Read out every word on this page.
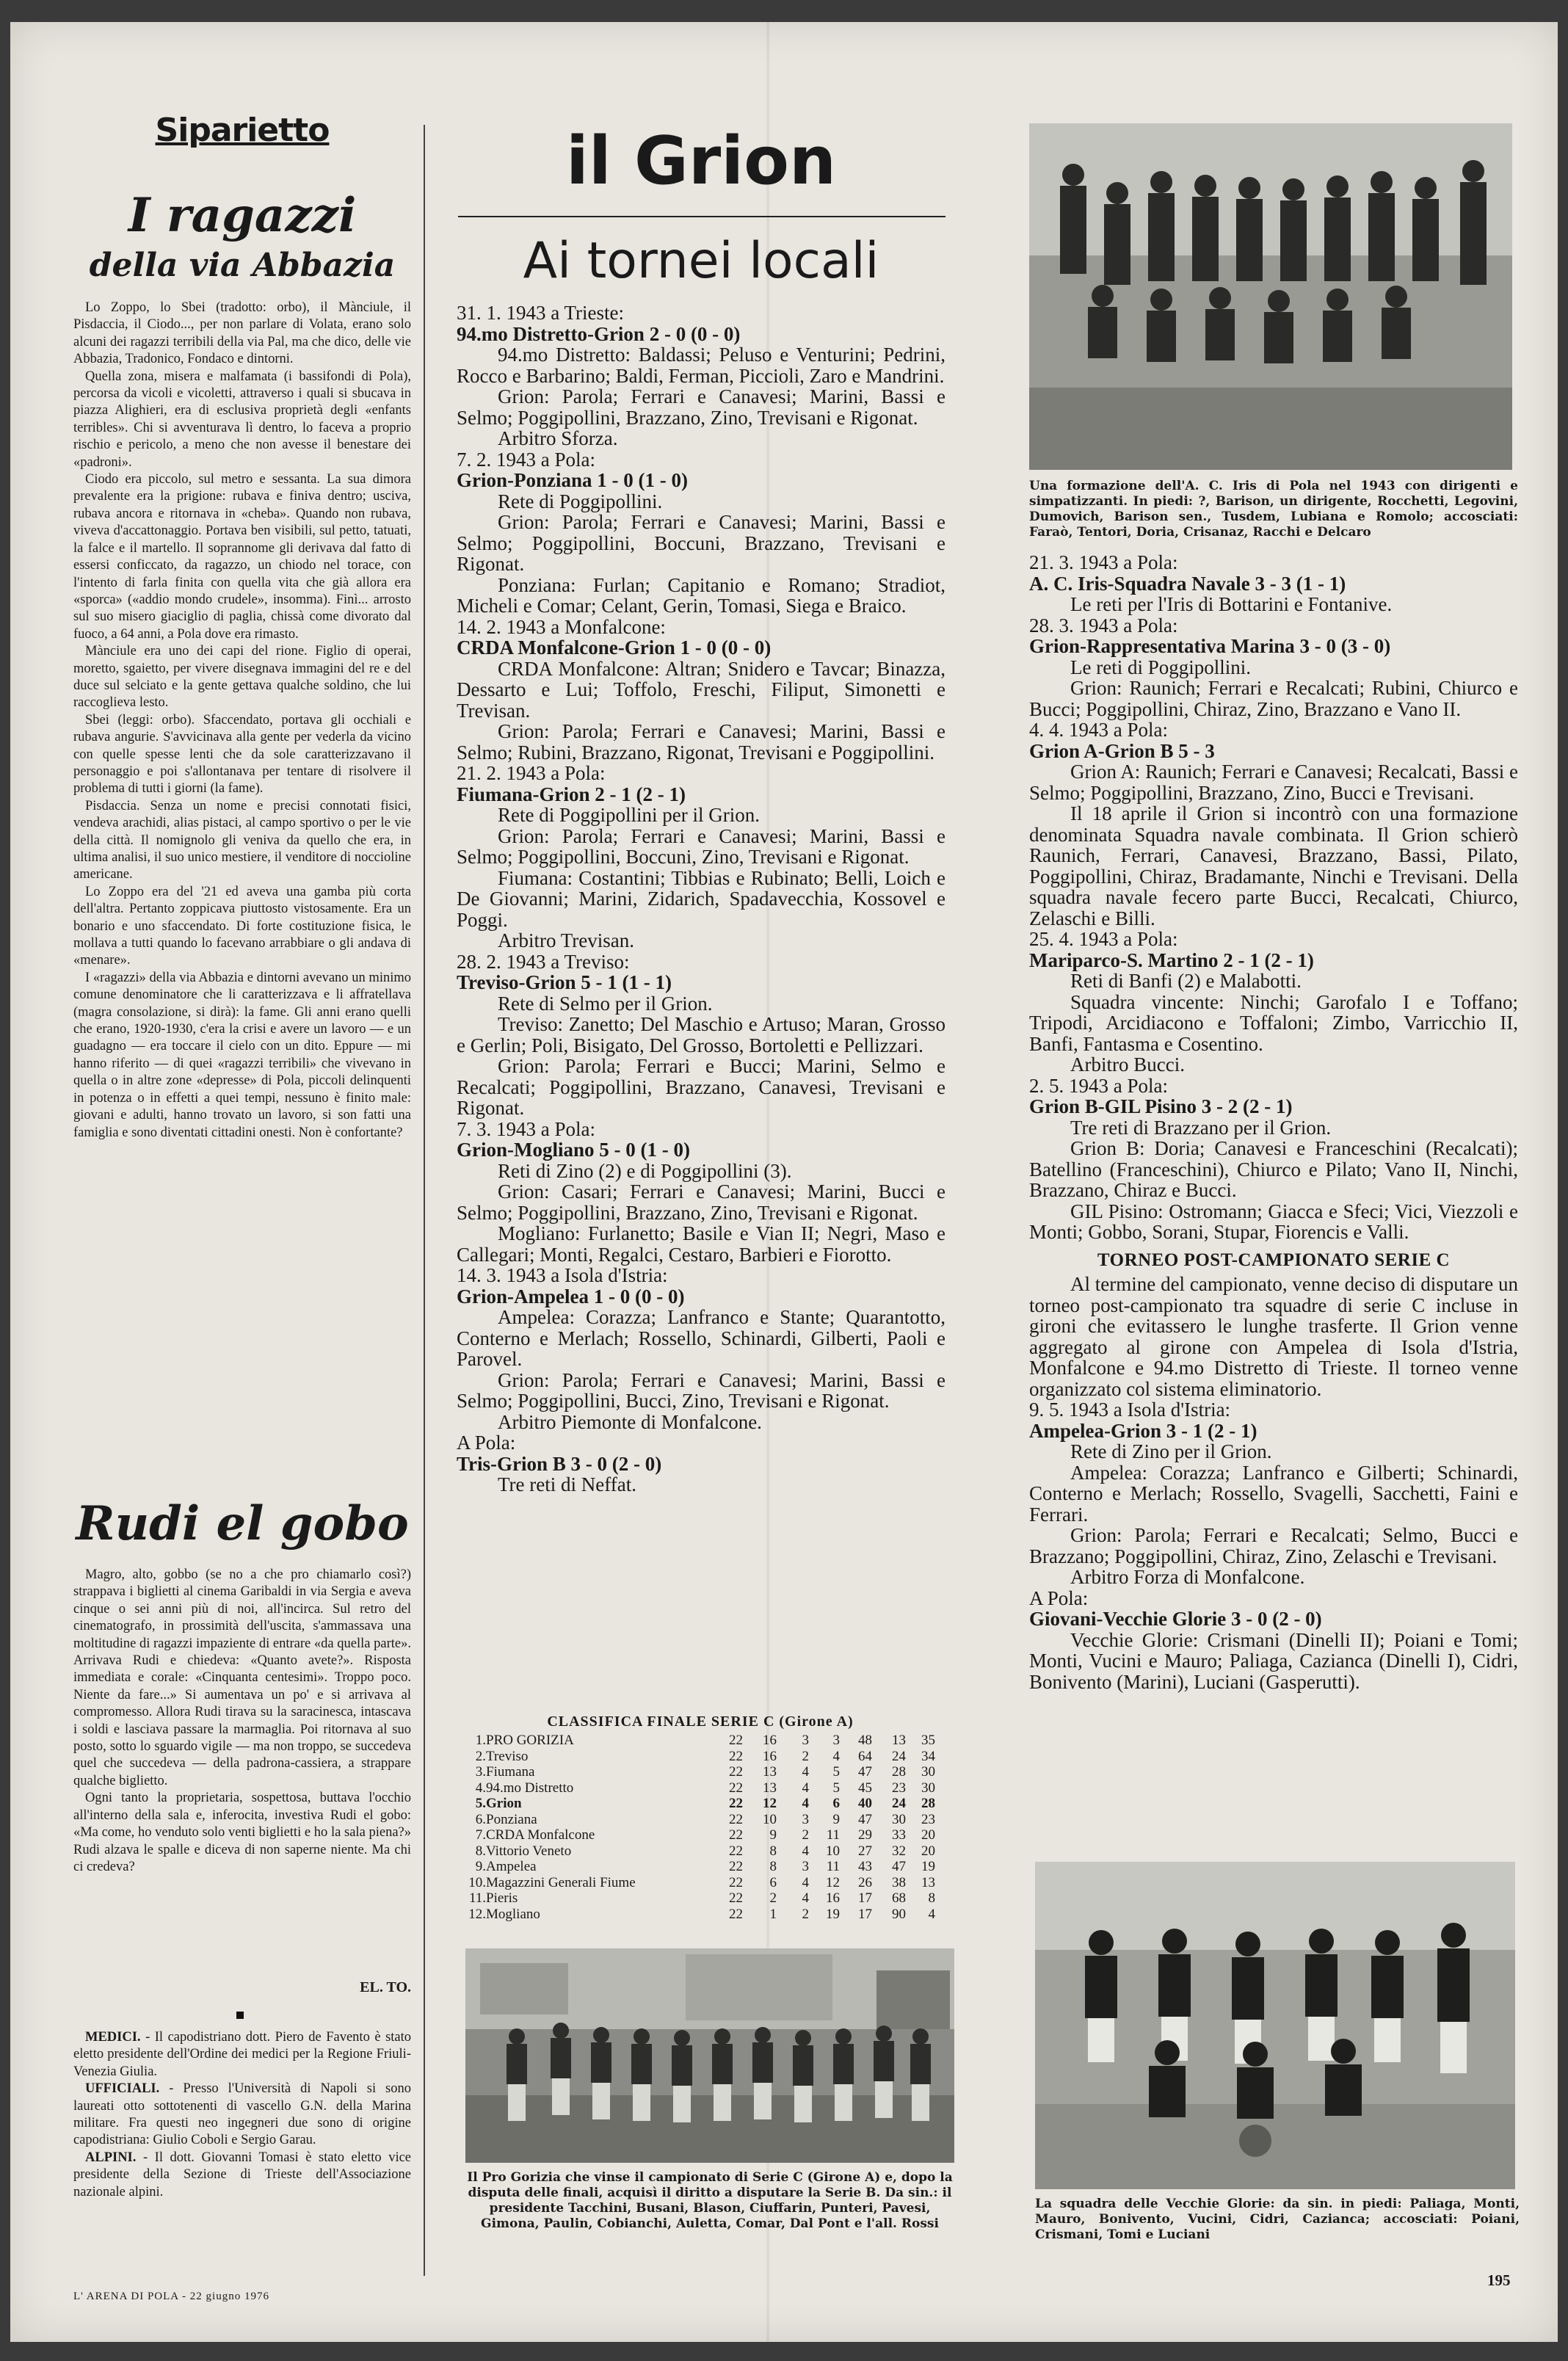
Siparietto
I ragazzi
della via Abbazia

Lo Zoppo, lo Sbei (tradotto: orbo), il Mànciule, il Pisdaccia, il Ciodo..., per non parlare di Volata, erano solo alcuni dei ragazzi terribili della via Pal, ma che dico, delle vie Abbazia, Tradonico, Fondaco e dintorni.

Quella zona, misera e malfamata (i bassifondi di Pola), percorsa da vicoli e vicoletti, attraverso i quali si sbucava in piazza Alighieri, era di esclusiva proprietà degli «enfants terribles». Chi si avventurava lì dentro, lo faceva a proprio rischio e pericolo, a meno che non avesse il benestare dei «padroni».

Ciodo era piccolo, sul metro e sessanta. La sua dimora prevalente era la prigione: rubava e finiva dentro; usciva, rubava ancora e ritornava in «cheba». Quando non rubava, viveva d'accattonaggio. Portava ben visibili, sul petto, tatuati, la falce e il martello. Il soprannome gli derivava dal fatto di essersi conficcato, da ragazzo, un chiodo nel torace, con l'intento di farla finita con quella vita che già allora era «sporca» («addio mondo crudele», insomma). Finì... arrosto sul suo misero giaciglio di paglia, chissà come divorato dal fuoco, a 64 anni, a Pola dove era rimasto.

Mànciule era uno dei capi del rione. Figlio di operai, moretto, sgaietto, per vivere disegnava immagini del re e del duce sul selciato e la gente gettava qualche soldino, che lui raccoglieva lesto.

Sbei (leggi: orbo). Sfaccendato, portava gli occhiali e rubava angurie. S'avvicinava alla gente per vederla da vicino con quelle spesse lenti che da sole caratterizzavano il personaggio e poi s'allontanava per tentare di risolvere il problema di tutti i giorni (la fame).

Pisdaccia. Senza un nome e precisi connotati fisici, vendeva arachidi, alias pistaci, al campo sportivo o per le vie della città. Il nomignolo gli veniva da quello che era, in ultima analisi, il suo unico mestiere, il venditore di noccioline americane.

Lo Zoppo era del '21 ed aveva una gamba più corta dell'altra. Pertanto zoppicava piuttosto vistosamente. Era un bonario e uno sfaccendato. Di forte costituzione fisica, le mollava a tutti quando lo facevano arrabbiare o gli andava di «menare».

I «ragazzi» della via Abbazia e dintorni avevano un minimo comune denominatore che li caratterizzava e li affratellava (magra consolazione, si dirà): la fame. Gli anni erano quelli che erano, 1920-1930, c'era la crisi e avere un lavoro — e un guadagno — era toccare il cielo con un dito. Eppure — mi hanno riferito — di quei «ragazzi terribili» che vivevano in quella o in altre zone «depresse» di Pola, piccoli delinquenti in potenza o in effetti a quei tempi, nessuno è finito male: giovani e adulti, hanno trovato un lavoro, si son fatti una famiglia e sono diventati cittadini onesti. Non è confortante?

Rudi el gobo

Magro, alto, gobbo (se no a che pro chiamarlo così?) strappava i biglietti al cinema Garibaldi in via Sergia e aveva cinque o sei anni più di noi, all'incirca. Sul retro del cinematografo, in prossimità dell'uscita, s'ammassava una moltitudine di ragazzi impaziente di entrare «da quella parte». Arrivava Rudi e chiedeva: «Quanto avete?». Risposta immediata e corale: «Cinquanta centesimi». Troppo poco. Niente da fare...» Si aumentava un po' e si arrivava al compromesso. Allora Rudi tirava su la saracinesca, intascava i soldi e lasciava passare la marmaglia. Poi ritornava al suo posto, sotto lo sguardo vigile — ma non troppo, se succedeva quel che succedeva — della padrona-cassiera, a strappare qualche biglietto.

Ogni tanto la proprietaria, sospettosa, buttava l'occhio all'interno della sala e, inferocita, investiva Rudi el gobo: «Ma come, ho venduto solo venti biglietti e ho la sala piena?» Rudi alzava le spalle e diceva di non saperne niente. Ma chi ci credeva?

EL. TO.

MEDICI. - Il capodistriano dott. Piero de Favento è stato eletto presidente dell'Ordine dei medici per la Regione Friuli-Venezia Giulia.

UFFICIALI. - Presso l'Università di Napoli si sono laureati otto sottotenenti di vascello G.N. della Marina militare. Fra questi neo ingegneri due sono di origine capodistriana: Giulio Coboli e Sergio Garau.

ALPINI. - Il dott. Giovanni Tomasi è stato eletto vice presidente della Sezione di Trieste dell'Associazione nazionale alpini.

L' ARENA DI POLA - 22 giugno 1976
il Grion
Ai tornei locali

31. 1. 1943 a Trieste:

94.mo Distretto-Grion 2 - 0 (0 - 0)

94.mo Distretto: Baldassi; Peluso e Venturini; Pedrini, Rocco e Barbarino; Baldi, Ferman, Piccioli, Zaro e Mandrini.

Grion: Parola; Ferrari e Canavesi; Marini, Bassi e Selmo; Poggipollini, Brazzano, Zino, Trevisani e Rigonat.

Arbitro Sforza.

7. 2. 1943 a Pola:

Grion-Ponziana 1 - 0 (1 - 0)

Rete di Poggipollini.

Grion: Parola; Ferrari e Canavesi; Marini, Bassi e Selmo; Poggipollini, Boccuni, Brazzano, Trevisani e Rigonat.

Ponziana: Furlan; Capitanio e Romano; Stradiot, Micheli e Comar; Celant, Gerin, Tomasi, Siega e Braico.

14. 2. 1943 a Monfalcone:

CRDA Monfalcone-Grion 1 - 0 (0 - 0)

CRDA Monfalcone: Altran; Snidero e Tavcar; Binazza, Dessarto e Lui; Toffolo, Freschi, Filiput, Simonetti e Trevisan.

Grion: Parola; Ferrari e Canavesi; Marini, Bassi e Selmo; Rubini, Brazzano, Rigonat, Trevisani e Poggipollini.

21. 2. 1943 a Pola:

Fiumana-Grion 2 - 1 (2 - 1)

Rete di Poggipollini per il Grion.

Grion: Parola; Ferrari e Canavesi; Marini, Bassi e Selmo; Poggipollini, Boccuni, Zino, Trevisani e Rigonat.

Fiumana: Costantini; Tibbias e Rubinato; Belli, Loich e De Giovanni; Marini, Zidarich, Spadavecchia, Kossovel e Poggi.

Arbitro Trevisan.

28. 2. 1943 a Treviso:

Treviso-Grion 5 - 1 (1 - 1)

Rete di Selmo per il Grion.

Treviso: Zanetto; Del Maschio e Artuso; Maran, Grosso e Gerlin; Poli, Bisigato, Del Grosso, Bortoletti e Pellizzari.

Grion: Parola; Ferrari e Bucci; Marini, Selmo e Recalcati; Poggipollini, Brazzano, Canavesi, Trevisani e Rigonat.

7. 3. 1943 a Pola:

Grion-Mogliano 5 - 0 (1 - 0)

Reti di Zino (2) e di Poggipollini (3).

Grion: Casari; Ferrari e Canavesi; Marini, Bucci e Selmo; Poggipollini, Brazzano, Zino, Trevisani e Rigonat.

Mogliano: Furlanetto; Basile e Vian II; Negri, Maso e Callegari; Monti, Regalci, Cestaro, Barbieri e Fiorotto.

14. 3. 1943 a Isola d'Istria:

Grion-Ampelea 1 - 0 (0 - 0)

Ampelea: Corazza; Lanfranco e Stante; Quarantotto, Conterno e Merlach; Rossello, Schinardi, Gilberti, Paoli e Parovel.

Grion: Parola; Ferrari e Canavesi; Marini, Bassi e Selmo; Poggipollini, Bucci, Zino, Trevisani e Rigonat.

Arbitro Piemonte di Monfalcone.

A Pola:

Tris-Grion B 3 - 0 (2 - 0)

Tre reti di Neffat.

CLASSIFICA FINALE SERIE C (Girone A)
1.	PRO GORIZIA	22	16	3	3	48	13	35
2.	Treviso	22	16	2	4	64	24	34
3.	Fiumana	22	13	4	5	47	28	30
4.	94.mo Distretto	22	13	4	5	45	23	30
5.	Grion	22	12	4	6	40	24	28
6.	Ponziana	22	10	3	9	47	30	23
7.	CRDA Monfalcone	22	9	2	11	29	33	20
8.	Vittorio Veneto	22	8	4	10	27	32	20
9.	Ampelea	22	8	3	11	43	47	19
10.	Magazzini Generali Fiume	22	6	4	12	26	38	13
11.	Pieris	22	2	4	16	17	68	8
12.	Mogliano	22	1	2	19	17	90	4
Il Pro Gorizia che vinse il campionato di Serie C (Girone A) e, dopo la disputa delle finali, acquisì il diritto a disputare la Serie B. Da sin.: il presidente Tacchini, Busani, Blason, Ciuffarin, Punteri, Pavesi, Gimona, Paulin, Cobianchi, Auletta, Comar, Dal Pont e l'all. Rossi
Una formazione dell'A. C. Iris di Pola nel 1943 con dirigenti e simpatizzanti. In piedi: ?, Barison, un dirigente, Rocchetti, Legovini, Dumovich, Barison sen., Tusdem, Lubiana e Romolo; accosciati: Faraò, Tentori, Doria, Crisanaz, Racchi e Delcaro

21. 3. 1943 a Pola:

A. C. Iris-Squadra Navale 3 - 3 (1 - 1)

Le reti per l'Iris di Bottarini e Fontanive.

28. 3. 1943 a Pola:

Grion-Rappresentativa Marina 3 - 0 (3 - 0)

Le reti di Poggipollini.

Grion: Raunich; Ferrari e Recalcati; Rubini, Chiurco e Bucci; Poggipollini, Chiraz, Zino, Brazzano e Vano II.

4. 4. 1943 a Pola:

Grion A-Grion B 5 - 3

Grion A: Raunich; Ferrari e Canavesi; Recalcati, Bassi e Selmo; Poggipollini, Brazzano, Zino, Bucci e Trevisani.

Il 18 aprile il Grion si incontrò con una formazione denominata Squadra navale combinata. Il Grion schierò Raunich, Ferrari, Canavesi, Brazzano, Bassi, Pilato, Poggipollini, Chiraz, Bradamante, Ninchi e Trevisani. Della squadra navale fecero parte Bucci, Recalcati, Chiurco, Zelaschi e Billi.

25. 4. 1943 a Pola:

Mariparco-S. Martino 2 - 1 (2 - 1)

Reti di Banfi (2) e Malabotti.

Squadra vincente: Ninchi; Garofalo I e Toffano; Tripodi, Arcidiacono e Toffaloni; Zimbo, Varricchio II, Banfi, Fantasma e Cosentino.

Arbitro Bucci.

2. 5. 1943 a Pola:

Grion B-GIL Pisino 3 - 2 (2 - 1)

Tre reti di Brazzano per il Grion.

Grion B: Doria; Canavesi e Franceschini (Recalcati); Batellino (Franceschini), Chiurco e Pilato; Vano II, Ninchi, Brazzano, Chiraz e Bucci.

GIL Pisino: Ostromann; Giacca e Sfeci; Vici, Viezzoli e Monti; Gobbo, Sorani, Stupar, Fiorencis e Valli.

TORNEO POST-CAMPIONATO SERIE C

Al termine del campionato, venne deciso di disputare un torneo post-campionato tra squadre di serie C incluse in gironi che evitassero le lunghe trasferte. Il Grion venne aggregato al girone con Ampelea di Isola d'Istria, Monfalcone e 94.mo Distretto di Trieste. Il torneo venne organizzato col sistema eliminatorio.

9. 5. 1943 a Isola d'Istria:

Ampelea-Grion 3 - 1 (2 - 1)

Rete di Zino per il Grion.

Ampelea: Corazza; Lanfranco e Gilberti; Schinardi, Conterno e Merlach; Rossello, Svagelli, Sacchetti, Faini e Ferrari.

Grion: Parola; Ferrari e Recalcati; Selmo, Bucci e Brazzano; Poggipollini, Chiraz, Zino, Zelaschi e Trevisani.

Arbitro Forza di Monfalcone.

A Pola:

Giovani-Vecchie Glorie 3 - 0 (2 - 0)

Vecchie Glorie: Crismani (Dinelli II); Poiani e Tomi; Monti, Vucini e Mauro; Paliaga, Cazianca (Dinelli I), Cidri, Bonivento (Marini), Luciani (Gasperutti).

La squadra delle Vecchie Glorie: da sin. in piedi: Paliaga, Monti, Mauro, Bonivento, Vucini, Cidri, Cazianca; accosciati: Poiani, Crismani, Tomi e Luciani
195
